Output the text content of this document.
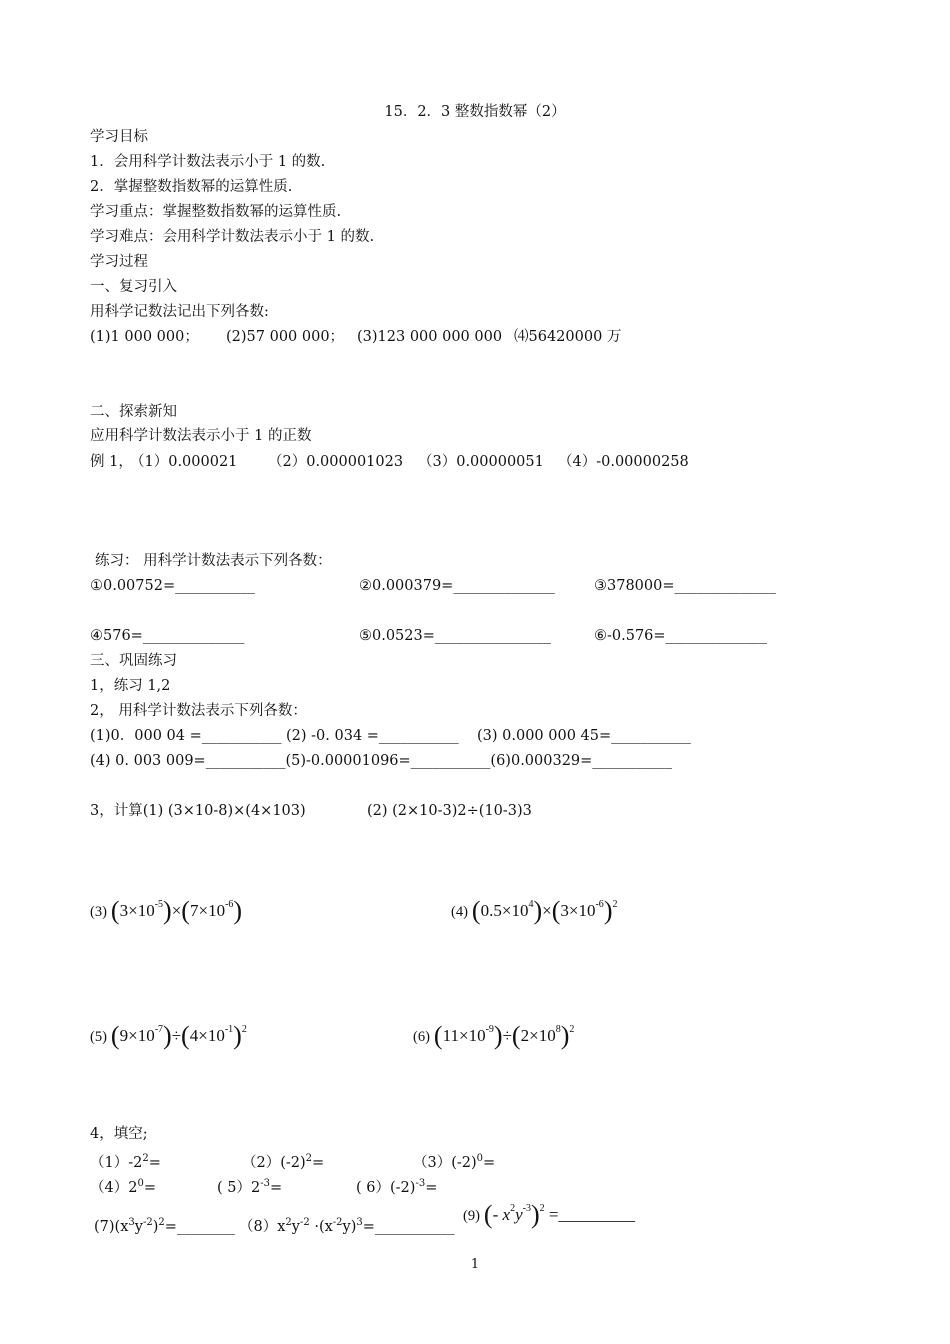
15．2．3 整数指数幂（2）
学习目标
1．会用科学计数法表示小于 1 的数.
2．掌握整数指数幂的运算性质.
学习重点：掌握整数指数幂的运算性质.
学习难点：会用科学计数法表示小于 1 的数.
学习过程
一、复习引入
用科学记数法记出下列各数:
(1)1 000 000； (2)57 000 000； (3)123 000 000 000 ⑷56420000 万
二、探索新知
应用科学计数法表示小于 1 的正数
例 1，
（1）0.000021 （2）0.000001023 （3）0.00000051 （4）-0.00000258
练习： 用科学计数法表示下列各数：
①0.00752=___________	②0.000379=______________	③378000=______________
④576=______________	⑤0.0523=________________	⑥-0.576=______________
三、巩固练习
1，练习 1,2
2， 用科学计数法表示下列各数：
(1)0．000 04 =___________ (2) -0. 034 =___________ (3) 0.000 000 45=___________
(4) 0. 003 009=___________(5)-0.00001096=___________(6)0.000329=___________
3，计算(1) (3×10-8)×(4×103)	(2) (2×10-3)2÷(10-3)3
(3) $(3\times 10^{-5})\times(7\times 10^{-6})$	(4) $(0.5\times 10^4)\times(3\times 10^{-6})^2$
(5) $(9\times 10^{-7})\div(4\times 10^{-1})^2$	(6) $(11\times 10^{-9})\div(2\times 10^8)^2$
4，填空;
$(1)-2^2=$	$(2)(-2)^2=$	$(3)(-2)^0=$
$(4)2^0=$	( $5)2^{-3}=$	( $6)(-2)^{-3}=$
$(7)(x^3y^{-2})^2=\_\_\_\_\_\_\_\_$ $(8)x^2y^{-2}$ $\cdot(x^{-2}y)^3=\_\_\_\_\_\_\_\_\_\_\_$
(9) (- $x^2y^{-3})^2$ =_________
1
